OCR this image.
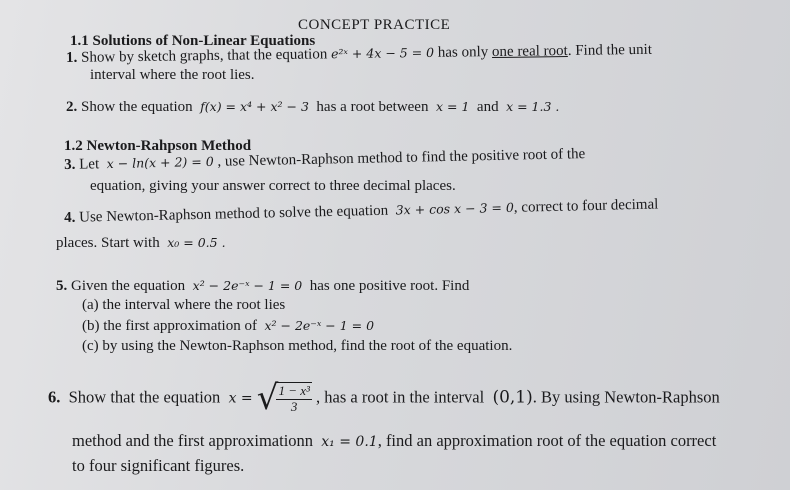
CONCEPT PRACTICE
1.1 Solutions of Non-Linear Equations
1. Show by sketch graphs, that the equation e²ˣ + 4x − 5 = 0 has only one real root. Find the unit
interval where the root lies.
2. Show the equation f(x) = x⁴ + x² − 3 has a root between x = 1 and x = 1.3 .
1.2 Newton-Rahpson Method
3. Let x − ln(x + 2) = 0 , use Newton-Raphson method to find the positive root of the
equation, giving your answer correct to three decimal places.
4. Use Newton-Raphson method to solve the equation 3x + cos x − 3 = 0, correct to four decimal
places. Start with x₀ = 0.5 .
5. Given the equation x² − 2e⁻ˣ − 1 = 0 has one positive root. Find
(a) the interval where the root lies
(b) the first approximation of x² − 2e⁻ˣ − 1 = 0
(c) by using the Newton-Raphson method, find the root of the equation.
6. Show that the equation x = √
$\frac{\text{1 − x³}}{3}$ , has a root in the interval (0,1). By using Newton-Raphson
method and the first approximationn x₁ = 0.1, find an approximation root of the equation correct
to four significant figures.
